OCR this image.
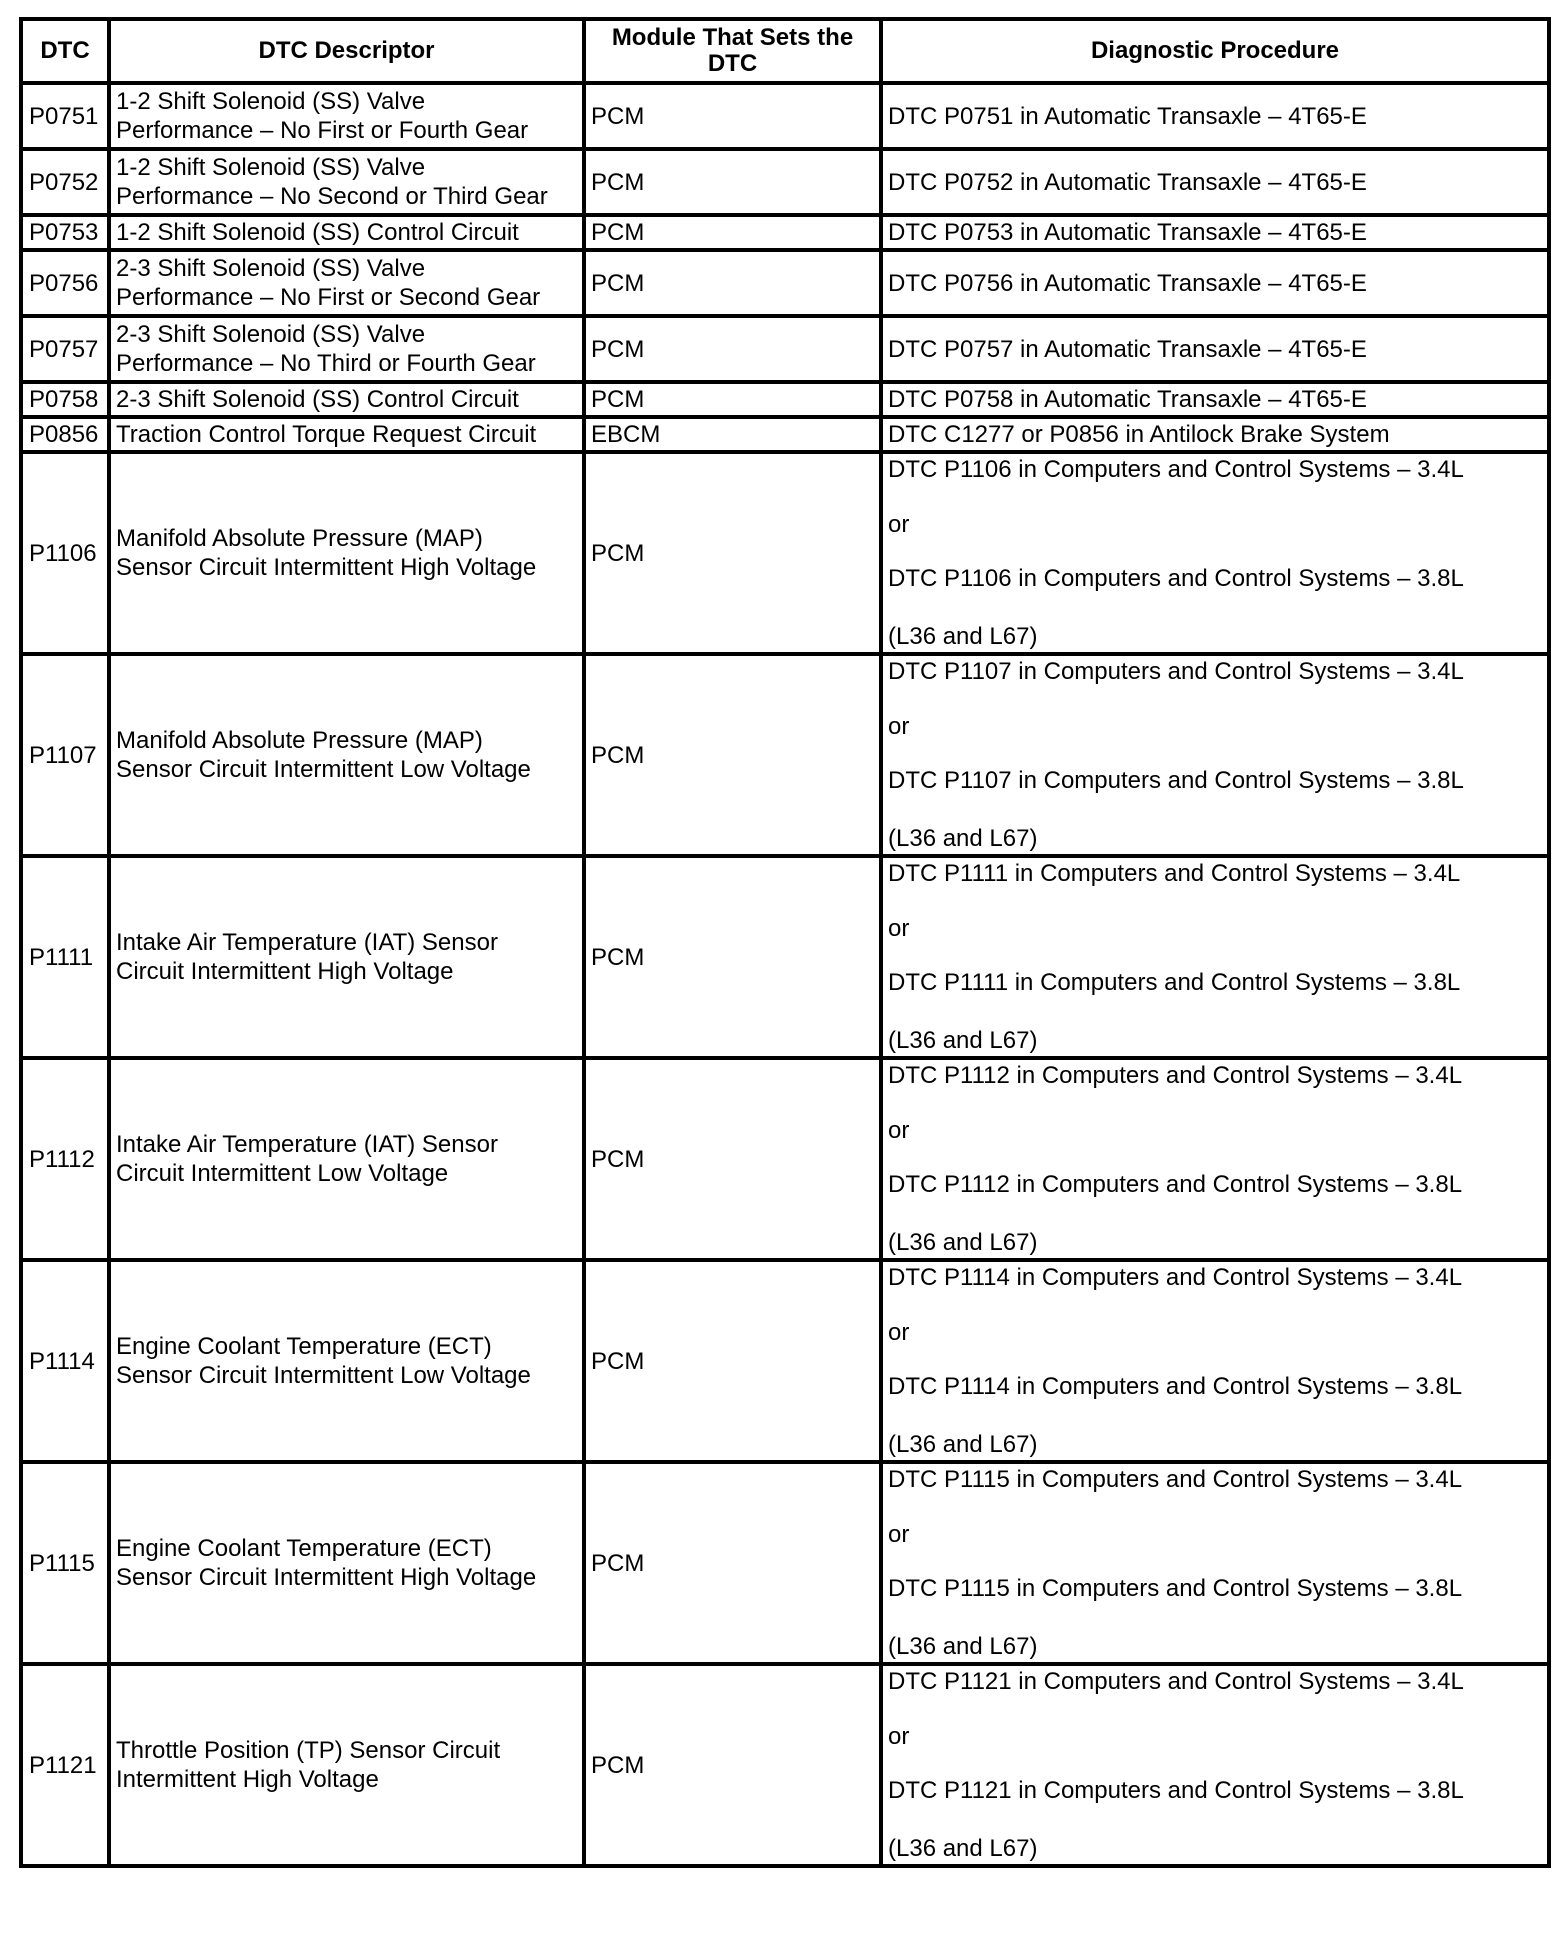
DTC	DTC Descriptor	Module That Sets the DTC	Diagnostic Procedure
P0751	1-2 Shift Solenoid (SS) Valve
Performance – No First or Fourth Gear	PCM	DTC P0751 in Automatic Transaxle – 4T65-E
P0752	1-2 Shift Solenoid (SS) Valve
Performance – No Second or Third Gear	PCM	DTC P0752 in Automatic Transaxle – 4T65-E
P0753	1-2 Shift Solenoid (SS) Control Circuit	PCM	DTC P0753 in Automatic Transaxle – 4T65-E
P0756	2-3 Shift Solenoid (SS) Valve
Performance – No First or Second Gear	PCM	DTC P0756 in Automatic Transaxle – 4T65-E
P0757	2-3 Shift Solenoid (SS) Valve
Performance – No Third or Fourth Gear	PCM	DTC P0757 in Automatic Transaxle – 4T65-E
P0758	2-3 Shift Solenoid (SS) Control Circuit	PCM	DTC P0758 in Automatic Transaxle – 4T65-E
P0856	Traction Control Torque Request Circuit	EBCM	DTC C1277 or P0856 in Antilock Brake System
P1106	Manifold Absolute Pressure (MAP)
Sensor Circuit Intermittent High Voltage	PCM	DTC P1106 in Computers and Control Systems – 3.4L
or
DTC P1106 in Computers and Control Systems – 3.8L

(L36 and L67)

P1107	Manifold Absolute Pressure (MAP)
Sensor Circuit Intermittent Low Voltage	PCM	DTC P1107 in Computers and Control Systems – 3.4L
or
DTC P1107 in Computers and Control Systems – 3.8L

(L36 and L67)

P1111	Intake Air Temperature (IAT) Sensor
Circuit Intermittent High Voltage	PCM	DTC P1111 in Computers and Control Systems – 3.4L
or
DTC P1111 in Computers and Control Systems – 3.8L

(L36 and L67)

P1112	Intake Air Temperature (IAT) Sensor
Circuit Intermittent Low Voltage	PCM	DTC P1112 in Computers and Control Systems – 3.4L
or
DTC P1112 in Computers and Control Systems – 3.8L

(L36 and L67)

P1114	Engine Coolant Temperature (ECT)
Sensor Circuit Intermittent Low Voltage	PCM	DTC P1114 in Computers and Control Systems – 3.4L
or
DTC P1114 in Computers and Control Systems – 3.8L

(L36 and L67)

P1115	Engine Coolant Temperature (ECT)
Sensor Circuit Intermittent High Voltage	PCM	DTC P1115 in Computers and Control Systems – 3.4L
or
DTC P1115 in Computers and Control Systems – 3.8L

(L36 and L67)

P1121	Throttle Position (TP) Sensor Circuit
Intermittent High Voltage	PCM	DTC P1121 in Computers and Control Systems – 3.4L
or
DTC P1121 in Computers and Control Systems – 3.8L

(L36 and L67)
